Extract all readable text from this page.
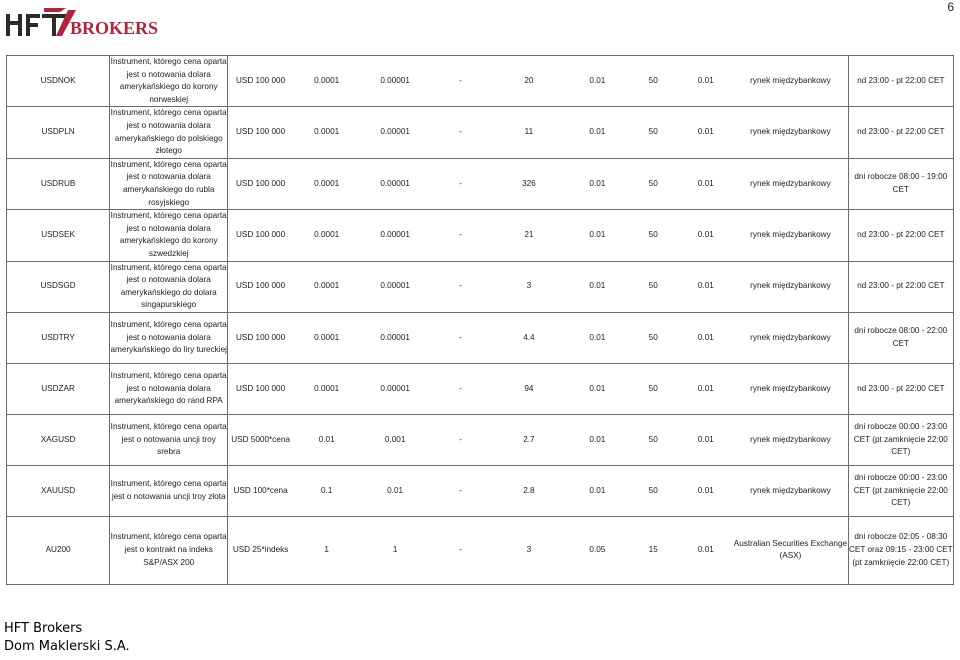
6
BROKERS
USDNOK	Instrument, którego cena oparta jest o notowania dolara amerykańskiego do korony norweskiej	USD 100 000	0.0001	0.00001	-	20	0.01	50	0.01	rynek międzybankowy	nd 23:00 - pt 22:00 CET
USDPLN	Instrument, którego cena oparta jest o notowania dolara amerykańskiego do polskiego złotego	USD 100 000	0.0001	0.00001	-	11	0.01	50	0.01	rynek międzybankowy	nd 23:00 - pt 22:00 CET
USDRUB	Instrument, którego cena oparta jest o notowania dolara amerykańskiego do rubla rosyjskiego	USD 100 000	0.0001	0.00001	-	326	0.01	50	0.01	rynek międzybankowy	dni robocze 08:00 - 19:00 CET
USDSEK	Instrument, którego cena oparta jest o notowania dolara amerykańskiego do korony szwedzkiej	USD 100 000	0.0001	0.00001	-	21	0.01	50	0.01	rynek międzybankowy	nd 23:00 - pt 22:00 CET
USDSGD	Instrument, którego cena oparta jest o notowania dolara amerykańskiego do dolara singapurskiego	USD 100 000	0.0001	0.00001	-	3	0.01	50	0.01	rynek międzybankowy	nd 23:00 - pt 22:00 CET
USDTRY	Instrument, którego cena oparta jest o notowania dolara amerykańskiego do liry tureckiej	USD 100 000	0.0001	0.00001	-	4.4	0.01	50	0.01	rynek międzybankowy	dni robocze 08:00 - 22:00 CET
USDZAR	Instrument, którego cena oparta jest o notowania dolara amerykańskiego do rand RPA	USD 100 000	0.0001	0.00001	-	94	0.01	50	0.01	rynek międzybankowy	nd 23:00 - pt 22:00 CET
XAGUSD	Instrument, którego cena oparta jest o notowania uncji troy srebra	USD 5000*cena	0.01	0.001	-	2.7	0.01	50	0.01	rynek międzybankowy	dni robocze 00:00 - 23:00 CET (pt zamknięcie 22:00 CET)
XAUUSD	Instrument, którego cena oparta jest o notowania uncji troy złota	USD 100*cena	0.1	0.01	-	2.8	0.01	50	0.01	rynek międzybankowy	dni robocze 00:00 - 23:00 CET (pt zamknięcie 22:00 CET)
AU200	Instrument, którego cena oparta jest o kontrakt na indeks S&P/ASX 200	USD 25*indeks	1	1	-	3	0.05	15	0.01	Australian Securities Exchange (ASX)	dni robocze 02:05 - 08:30 CET oraz 09:15 - 23:00 CET (pt zamknięcie 22:00 CET)
HFT Brokers
Dom Maklerski S.A.
